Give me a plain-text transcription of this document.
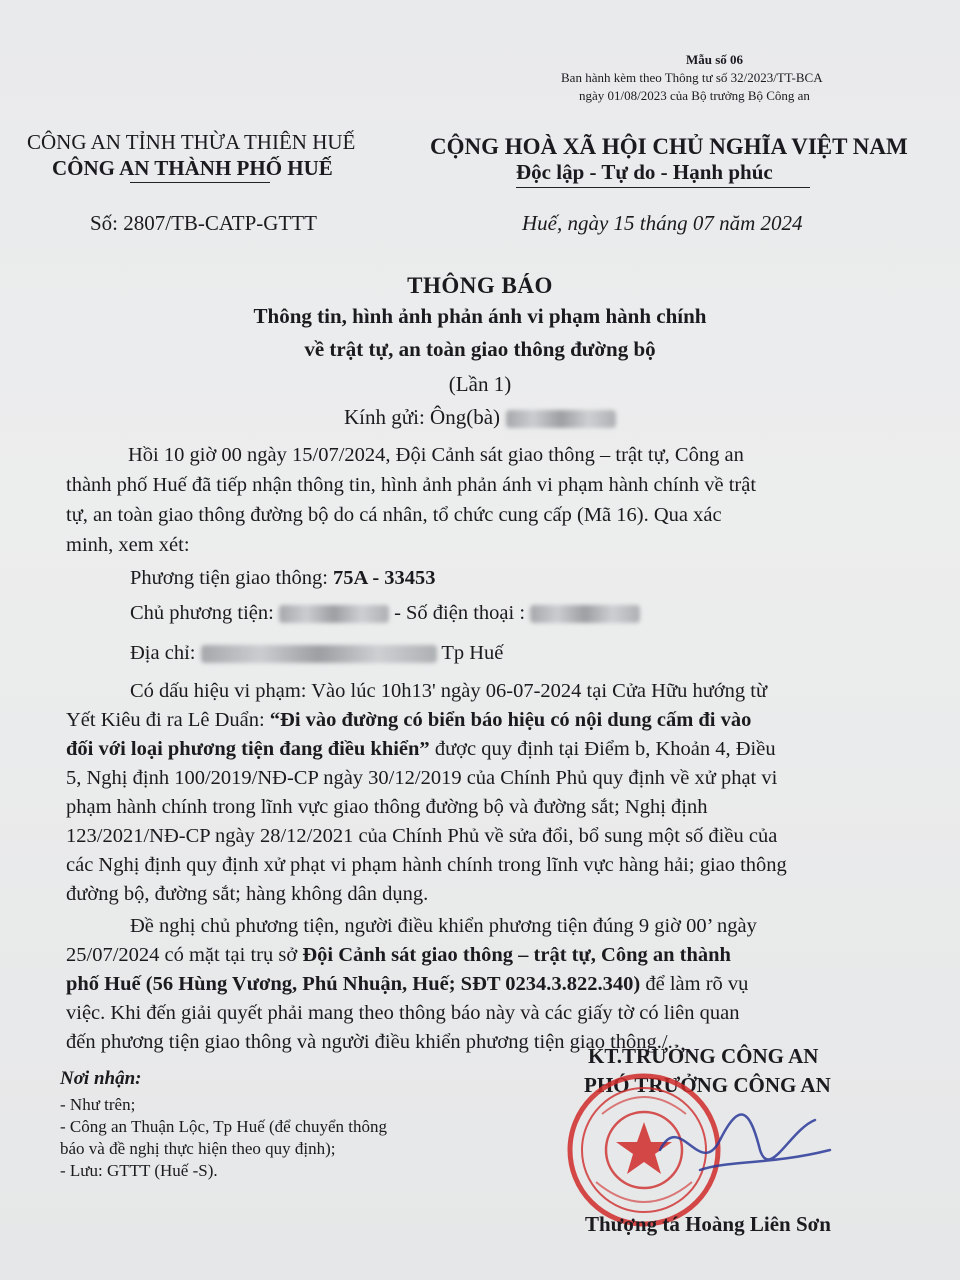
Mẫu số 06
Ban hành kèm theo Thông tư số 32/2023/TT-BCA
ngày 01/08/2023 của Bộ trưởng Bộ Công an
CÔNG AN TỈNH THỪA THIÊN HUẾ
CÔNG AN THÀNH PHỐ HUẾ
CỘNG HOÀ XÃ HỘI CHỦ NGHĨA VIỆT NAM
Độc lập - Tự do - Hạnh phúc
Số: 2807/TB-CATP-GTTT	Huế, ngày 15 tháng 07 năm 2024
THÔNG BÁO
Thông tin, hình ảnh phản ánh vi phạm hành chính
về trật tự, an toàn giao thông đường bộ
(Lần 1)
Kính gửi: Ông(bà)
Hồi 10 giờ 00 ngày 15/07/2024, Đội Cảnh sát giao thông – trật tự, Công an
thành phố Huế đã tiếp nhận thông tin, hình ảnh phản ánh vi phạm hành chính về trật
tự, an toàn giao thông đường bộ do cá nhân, tổ chức cung cấp (Mã 16). Qua xác
minh, xem xét:
Phương tiện giao thông: 75A - 33453
Chủ phương tiện:	- Số điện thoại :
Địa chỉ:	Tp Huế
Có dấu hiệu vi phạm: Vào lúc 10h13' ngày 06-07-2024 tại Cửa Hữu hướng từ
Yết Kiêu đi ra Lê Duẩn: “Đi vào đường có biển báo hiệu có nội dung cấm đi vào
đối với loại phương tiện đang điều khiển” được quy định tại Điểm b, Khoản 4, Điều
5, Nghị định 100/2019/NĐ-CP ngày 30/12/2019 của Chính Phủ quy định về xử phạt vi
phạm hành chính trong lĩnh vực giao thông đường bộ và đường sắt; Nghị định
123/2021/NĐ-CP ngày 28/12/2021 của Chính Phủ về sửa đổi, bổ sung một số điều của
các Nghị định quy định xử phạt vi phạm hành chính trong lĩnh vực hàng hải; giao thông
đường bộ, đường sắt; hàng không dân dụng.
Đề nghị chủ phương tiện, người điều khiển phương tiện đúng 9 giờ 00’ ngày
25/07/2024 có mặt tại trụ sở Đội Cảnh sát giao thông – trật tự, Công an thành
phố Huế (56 Hùng Vương, Phú Nhuận, Huế; SĐT 0234.3.822.340) để làm rõ vụ
việc. Khi đến giải quyết phải mang theo thông báo này và các giấy tờ có liên quan
đến phương tiện giao thông và người điều khiển phương tiện giao thông./.
Nơi nhận:
- Như trên;
- Công an Thuận Lộc, Tp Huế (để chuyển thông
báo và đề nghị thực hiện theo quy định);
- Lưu: GTTT (Huế -S).
KT.TRƯỞNG CÔNG AN
PHÓ TRƯỞNG CÔNG AN
Thượng tá Hoàng Liên Sơn
